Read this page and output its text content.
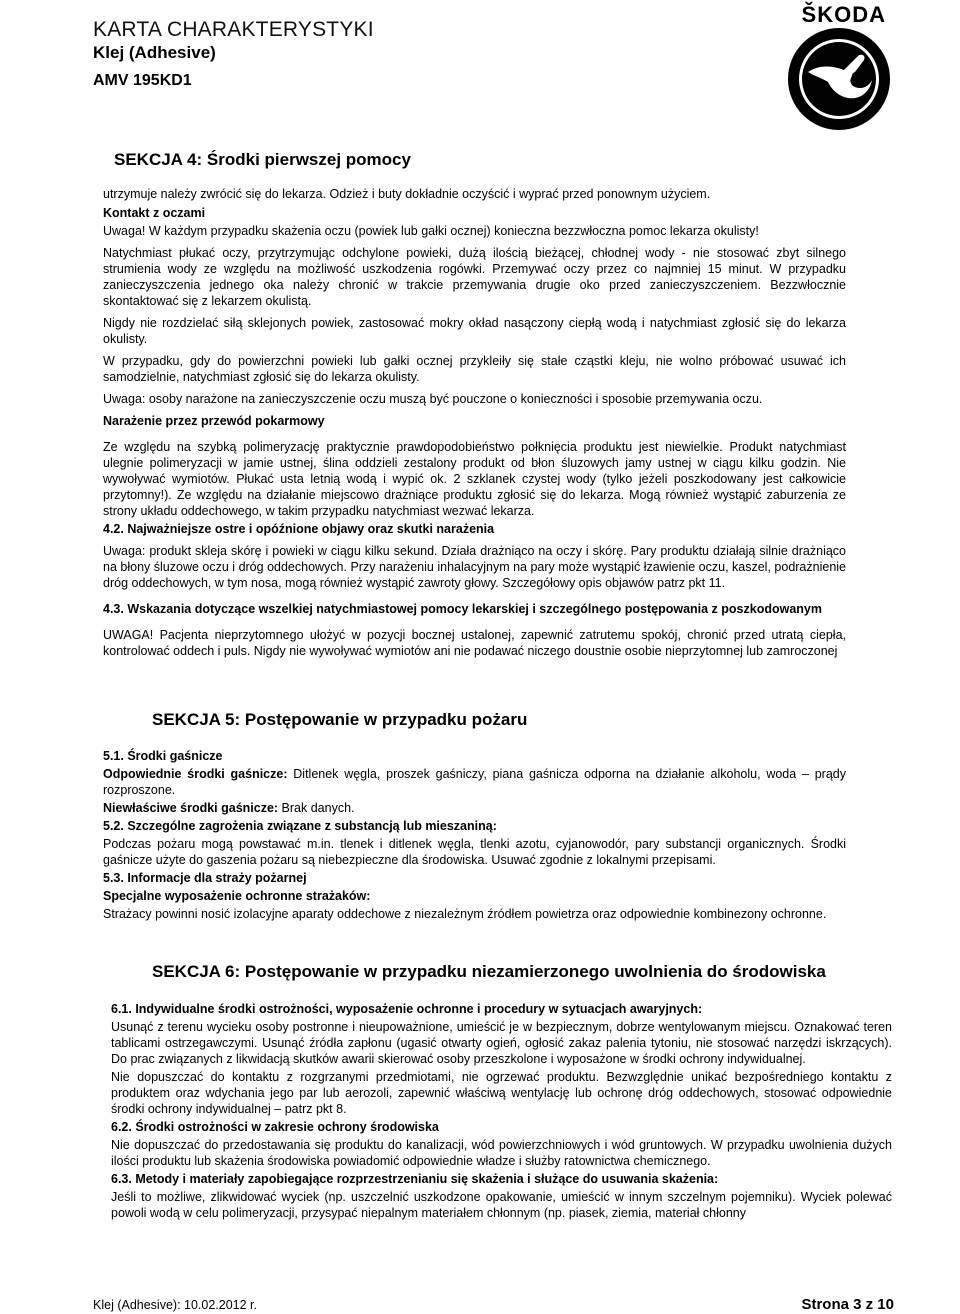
KARTA CHARAKTERYSTYKI
Klej (Adhesive)
AMV 195KD1
ŠKODA
SEKCJA 4: Środki pierwszej pomocy

utrzymuje należy zwrócić się do lekarza. Odzież i buty dokładnie oczyścić i wyprać przed ponownym użyciem.

Kontakt z oczami

Uwaga! W każdym przypadku skażenia oczu (powiek lub gałki ocznej) konieczna bezzwłoczna pomoc lekarza okulisty!

Natychmiast płukać oczy, przytrzymując odchylone powieki, dużą ilością bieżącej, chłodnej wody - nie stosować zbyt silnego strumienia wody ze względu na możliwość uszkodzenia rogówki. Przemywać oczy przez co najmniej 15 minut. W przypadku zanieczyszczenia jednego oka należy chronić w trakcie przemywania drugie oko przed zanieczyszczeniem. Bezzwłocznie skontaktować się z lekarzem okulistą.

Nigdy nie rozdzielać siłą sklejonych powiek, zastosować mokry okład nasączony ciepłą wodą i natychmiast zgłosić się do lekarza okulisty.

W przypadku, gdy do powierzchni powieki lub gałki ocznej przykleiły się stałe cząstki kleju, nie wolno próbować usuwać ich samodzielnie, natychmiast zgłosić się do lekarza okulisty.

Uwaga: osoby narażone na zanieczyszczenie oczu muszą być pouczone o konieczności i sposobie przemywania oczu.

Narażenie przez przewód pokarmowy

Ze względu na szybką polimeryzację praktycznie prawdopodobieństwo połknięcia produktu jest niewielkie. Produkt natychmiast ulegnie polimeryzacji w jamie ustnej, ślina oddzieli zestalony produkt od błon śluzowych jamy ustnej w ciągu kilku godzin. Nie wywoływać wymiotów. Płukać usta letnią wodą i wypić ok. 2 szklanek czystej wody (tylko jeżeli poszkodowany jest całkowicie przytomny!). Ze względu na działanie miejscowo drażniące produktu zgłosić się do lekarza. Mogą również wystąpić zaburzenia ze strony układu oddechowego, w takim przypadku natychmiast wezwać lekarza.

4.2. Najważniejsze ostre i opóźnione objawy oraz skutki narażenia

Uwaga: produkt skleja skórę i powieki w ciągu kilku sekund. Działa drażniąco na oczy i skórę. Pary produktu działają silnie drażniąco na błony śluzowe oczu i dróg oddechowych. Przy narażeniu inhalacyjnym na pary może wystąpić łzawienie oczu, kaszel, podrażnienie dróg oddechowych, w tym nosa, mogą również wystąpić zawroty głowy. Szczegółowy opis objawów patrz pkt 11.

4.3. Wskazania dotyczące wszelkiej natychmiastowej pomocy lekarskiej i szczególnego postępowania z poszkodowanym

UWAGA! Pacjenta nieprzytomnego ułożyć w pozycji bocznej ustalonej, zapewnić zatrutemu spokój, chronić przed utratą ciepła, kontrolować oddech i puls. Nigdy nie wywoływać wymiotów ani nie podawać niczego doustnie osobie nieprzytomnej lub zamroczonej

SEKCJA 5: Postępowanie w przypadku pożaru

5.1. Środki gaśnicze

Odpowiednie środki gaśnicze: Ditlenek węgla, proszek gaśniczy, piana gaśnicza odporna na działanie alkoholu, woda – prądy rozproszone.

Niewłaściwe środki gaśnicze: Brak danych.

5.2. Szczególne zagrożenia związane z substancją lub mieszaniną:

Podczas pożaru mogą powstawać m.in. tlenek i ditlenek węgla, tlenki azotu, cyjanowodór, pary substancji organicznych. Środki gaśnicze użyte do gaszenia pożaru są niebezpieczne dla środowiska. Usuwać zgodnie z lokalnymi przepisami.

5.3. Informacje dla straży pożarnej

Specjalne wyposażenie ochronne strażaków:

Strażacy powinni nosić izolacyjne aparaty oddechowe z niezależnym źródłem powietrza oraz odpowiednie kombinezony ochronne.

SEKCJA 6: Postępowanie w przypadku niezamierzonego uwolnienia do środowiska

6.1. Indywidualne środki ostrożności, wyposażenie ochronne i procedury w sytuacjach awaryjnych:

Usunąć z terenu wycieku osoby postronne i nieupoważnione, umieścić je w bezpiecznym, dobrze wentylowanym miejscu. Oznakować teren tablicami ostrzegawczymi. Usunąć źródła zapłonu (ugasić otwarty ogień, ogłosić zakaz palenia tytoniu, nie stosować narzędzi iskrzących). Do prac związanych z likwidacją skutków awarii skierować osoby przeszkolone i wyposażone w środki ochrony indywidualnej.

Nie dopuszczać do kontaktu z rozgrzanymi przedmiotami, nie ogrzewać produktu. Bezwzględnie unikać bezpośredniego kontaktu z produktem oraz wdychania jego par lub aerozoli, zapewnić właściwą wentylację lub ochronę dróg oddechowych, stosować odpowiednie środki ochrony indywidualnej – patrz pkt 8.

6.2. Środki ostrożności w zakresie ochrony środowiska

Nie dopuszczać do przedostawania się produktu do kanalizacji, wód powierzchniowych i wód gruntowych. W przypadku uwolnienia dużych ilości produktu lub skażenia środowiska powiadomić odpowiednie władze i służby ratownictwa chemicznego.

6.3. Metody i materiały zapobiegające rozprzestrzenianiu się skażenia i służące do usuwania skażenia:

Jeśli to możliwe, zlikwidować wyciek (np. uszczelnić uszkodzone opakowanie, umieścić w innym szczelnym pojemniku). Wyciek polewać powoli wodą w celu polimeryzacji, przysypać niepalnym materiałem chłonnym (np. piasek, ziemia, materiał chłonny

Klej (Adhesive): 10.02.2012 r.	Strona 3 z 10
